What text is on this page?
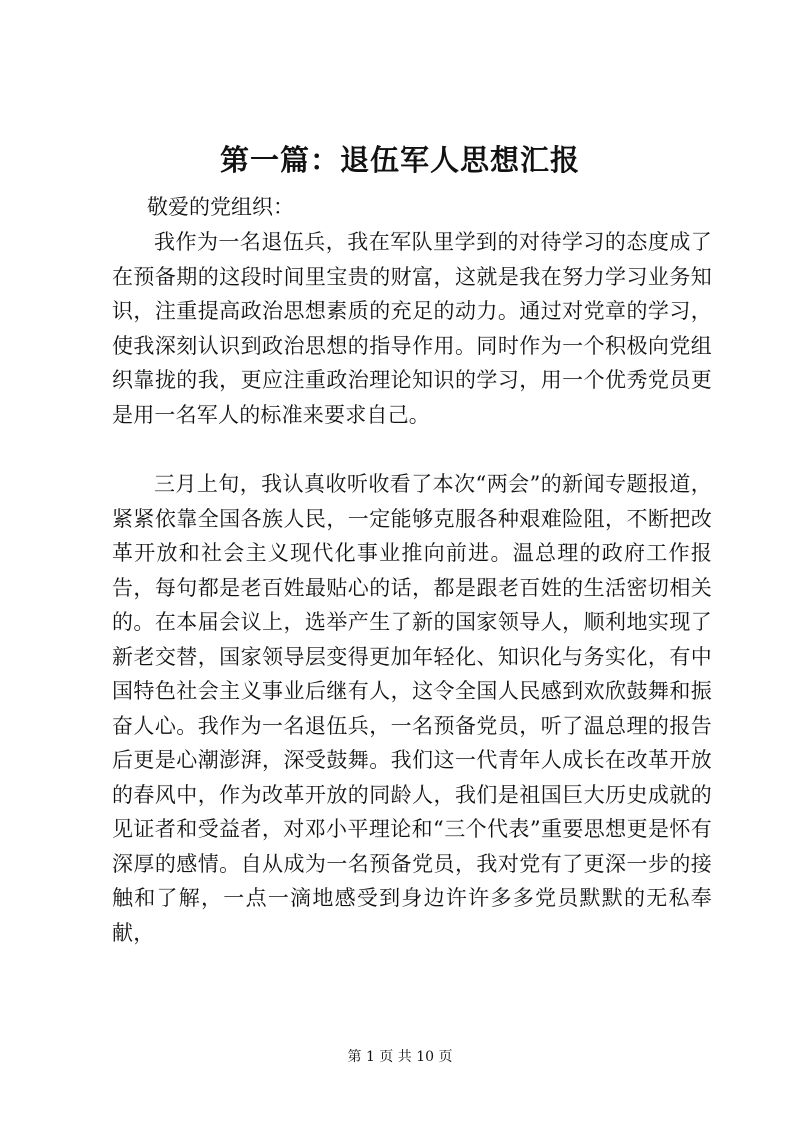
第一篇：退伍军人思想汇报

敬爱的党组织：

我作为一名退伍兵，我在军队里学到的对待学习的态度成了在预备期的这段时间里宝贵的财富，这就是我在努力学习业务知识，注重提高政治思想素质的充足的动力。通过对党章的学习，使我深刻认识到政治思想的指导作用。同时作为一个积极向党组织靠拢的我，更应注重政治理论知识的学习，用一个优秀党员更是用一名军人的标准来要求自己。

三月上旬，我认真收听收看了本次“两会”的新闻专题报道，紧紧依靠全国各族人民，一定能够克服各种艰难险阻，不断把改革开放和社会主义现代化事业推向前进。温总理的政府工作报告，每句都是老百姓最贴心的话，都是跟老百姓的生活密切相关的。在本届会议上，选举产生了新的国家领导人，顺利地实现了新老交替，国家领导层变得更加年轻化、知识化与务实化，有中国特色社会主义事业后继有人，这令全国人民感到欢欣鼓舞和振奋人心。我作为一名退伍兵，一名预备党员，听了温总理的报告后更是心潮澎湃，深受鼓舞。我们这一代青年人成长在改革开放的春风中，作为改革开放的同龄人，我们是祖国巨大历史成就的见证者和受益者，对邓小平理论和“三个代表”重要思想更是怀有深厚的感情。自从成为一名预备党员，我对党有了更深一步的接触和了解，一点一滴地感受到身边许许多多党员默默的无私奉献，

第 1 页 共 10 页
